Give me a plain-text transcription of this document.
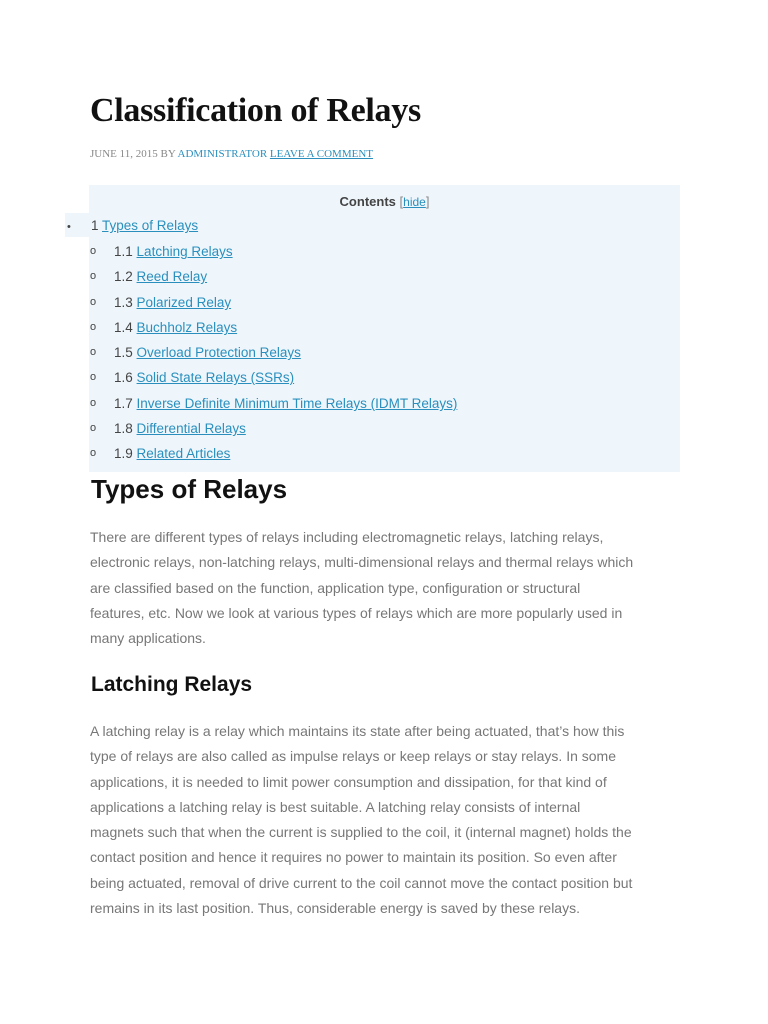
Classification of Relays
JUNE 11, 2015 BY ADMINISTRATOR LEAVE A COMMENT
Contents [hide]
• 1 Types of Relays
o 1.1 Latching Relays
o 1.2 Reed Relay
o 1.3 Polarized Relay
o 1.4 Buchholz Relays
o 1.5 Overload Protection Relays
o 1.6 Solid State Relays (SSRs)
o 1.7 Inverse Definite Minimum Time Relays (IDMT Relays)
o 1.8 Differential Relays
o 1.9 Related Articles
Types of Relays
There are different types of relays including electromagnetic relays, latching relays,
electronic relays, non-latching relays, multi-dimensional relays and thermal relays which
are classified based on the function, application type, configuration or structural
features, etc. Now we look at various types of relays which are more popularly used in
many applications.
Latching Relays
A latching relay is a relay which maintains its state after being actuated, that’s how this
type of relays are also called as impulse relays or keep relays or stay relays. In some
applications, it is needed to limit power consumption and dissipation, for that kind of
applications a latching relay is best suitable. A latching relay consists of internal
magnets such that when the current is supplied to the coil, it (internal magnet) holds the
contact position and hence it requires no power to maintain its position. So even after
being actuated, removal of drive current to the coil cannot move the contact position but
remains in its last position. Thus, considerable energy is saved by these relays.
